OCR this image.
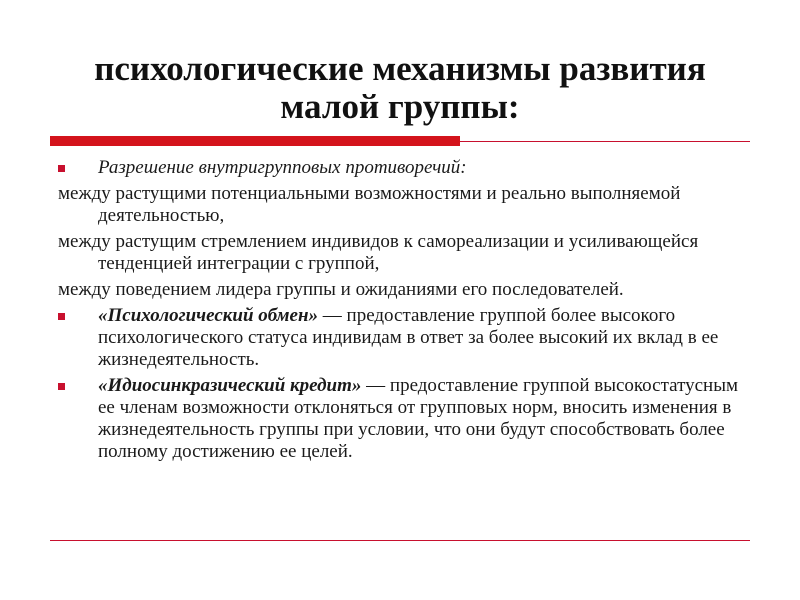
психологические механизмы развития
малой группы:
Разрешение внутригрупповых противоречий:
между растущими потенциальными возможностями и реально выполняемой деятельностью,
между растущим стремлением индивидов к самореализации и усиливающейся тенденцией интеграции с группой,
между поведением лидера группы и ожиданиями его последователей.
«Психологический обмен» — предоставление группой более высокого психологического статуса индивидам в ответ за более высокий их вклад в ее жизнедеятельность.
«Идиосинкразический кредит» — предоставление группой высокостатусным ее членам возможности отклоняться от групповых норм, вносить изменения в жизнедеятельность группы при условии, что они будут способствовать более полному достижению ее целей.
